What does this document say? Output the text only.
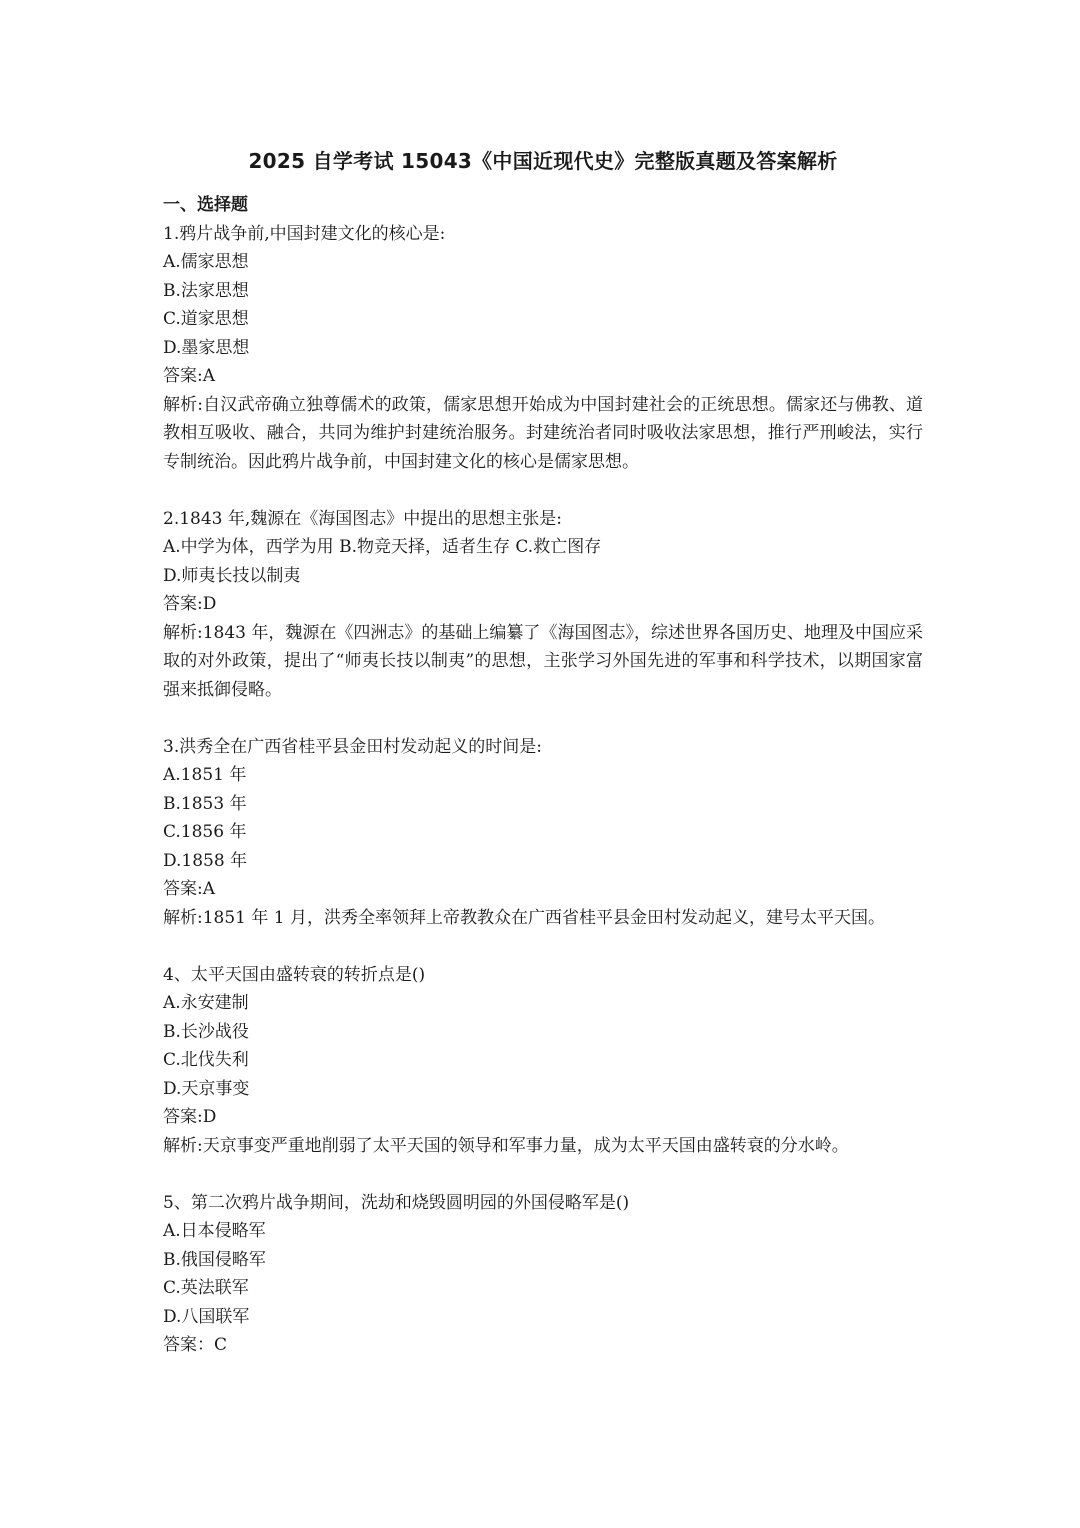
2025 自学考试 15043《中国近现代史》完整版真题及答案解析
一、选择题
1.鸦片战争前,中国封建文化的核心是:
A.儒家思想
B.法家思想
C.道家思想
D.墨家思想
答案:A
解析:自汉武帝确立独尊儒术的政策，儒家思想开始成为中国封建社会的正统思想。儒家还与佛教、道教相互吸收、融合，共同为维护封建统治服务。封建统治者同时吸收法家思想，推行严刑峻法，实行专制统治。因此鸦片战争前，中国封建文化的核心是儒家思想。
2.1843 年,魏源在《海国图志》中提出的思想主张是:
A.中学为体，西学为用 B.物竞天择，适者生存 C.救亡图存
D.师夷长技以制夷
答案:D
解析:1843 年，魏源在《四洲志》的基础上编纂了《海国图志》，综述世界各国历史、地理及中国应采取的对外政策，提出了“师夷长技以制夷”的思想，主张学习外国先进的军事和科学技术，以期国家富强来抵御侵略。
3.洪秀全在广西省桂平县金田村发动起义的时间是:
A.1851 年
B.1853 年
C.1856 年
D.1858 年
答案:A
解析:1851 年 1 月，洪秀全率领拜上帝教教众在广西省桂平县金田村发动起义，建号太平天国。
4、太平天国由盛转衰的转折点是()
A.永安建制
B.长沙战役
C.北伐失利
D.天京事变
答案:D
解析:天京事变严重地削弱了太平天国的领导和军事力量，成为太平天国由盛转衰的分水岭。
5、第二次鸦片战争期间，洗劫和烧毁圆明园的外国侵略军是()
A.日本侵略军
B.俄国侵略军
C.英法联军
D.八国联军
答案：C
